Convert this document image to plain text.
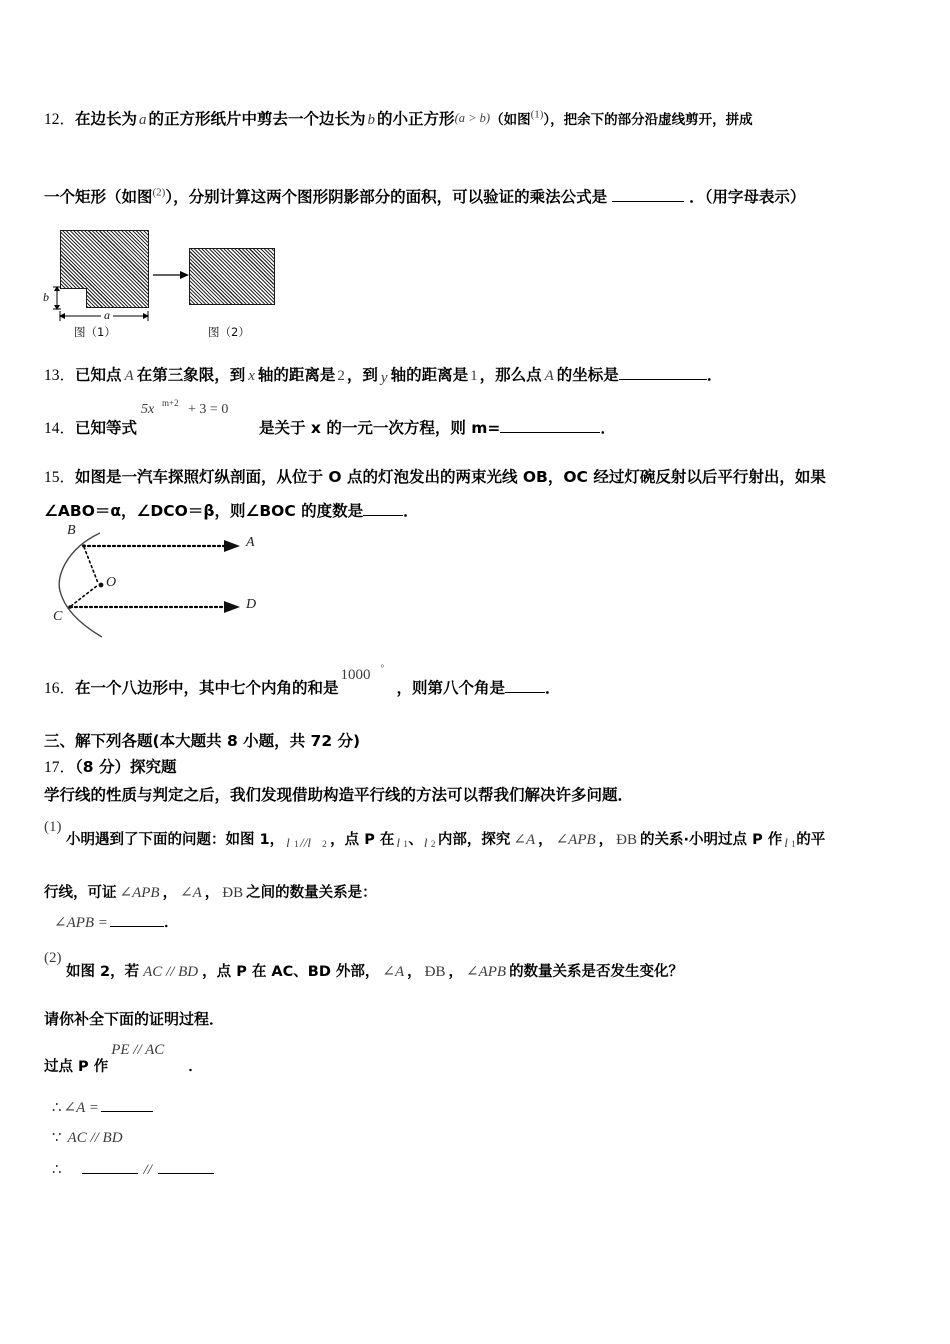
12．在边长为 a 的正方形纸片中剪去一个边长为 b 的小正方形(a > b)（如图$^{(1)}$），把余下的部分沿虚线剪开，拼成
一个矩形（如图$^{(2)}$），分别计算这两个图形阴影部分的面积，可以验证的乘法公式是	．（用字母表示）
b
a
图（1）	图（2）
13．已知点 A 在第三象限，到 x 轴的距离是 2 ，到 y 轴的距离是 1 ，那么点 A 的坐标是	．
14．已知等式
5x m+2 + 3 = 0
是关于 x 的一元一次方程，则 m=	．
15．如图是一汽车探照灯纵剖面，从位于 O 点的灯泡发出的两束光线 OB，OC 经过灯碗反射以后平行射出，如果
∠ABO＝α，∠DCO＝β，则∠BOC 的度数是	．
B
A
O
C
D
16．在一个八边形中，其中七个内角的和是
1000 °
，则第八个角是	．
三、解下列各题(本大题共 8 小题，共 72 分)
17．（8 分）探究题
学行线的性质与判定之后，我们发现借助构造平行线的方法可以帮我们解决许多问题．
(1)
小明遇到了下面的问题：如图 1， l 1 //l 2 ，点 P 在 l 1 、 l 2 内部，探究 ∠A ， ∠APB ， ÐB 的关系·小明过点 P 作 l 1 的平
行线，可证 ∠APB ， ∠A ， ÐB 之间的数量关系是：
∠APB =	．
(2)
如图 2，若 AC // BD ，点 P 在 AC、BD 外部， ∠A ， ÐB ， ∠APB 的数量关系是否发生变化？
请你补全下面的证明过程．
过点 P 作
PE // AC
．
∴ ∠A =
∵ AC // BD
∴	//
